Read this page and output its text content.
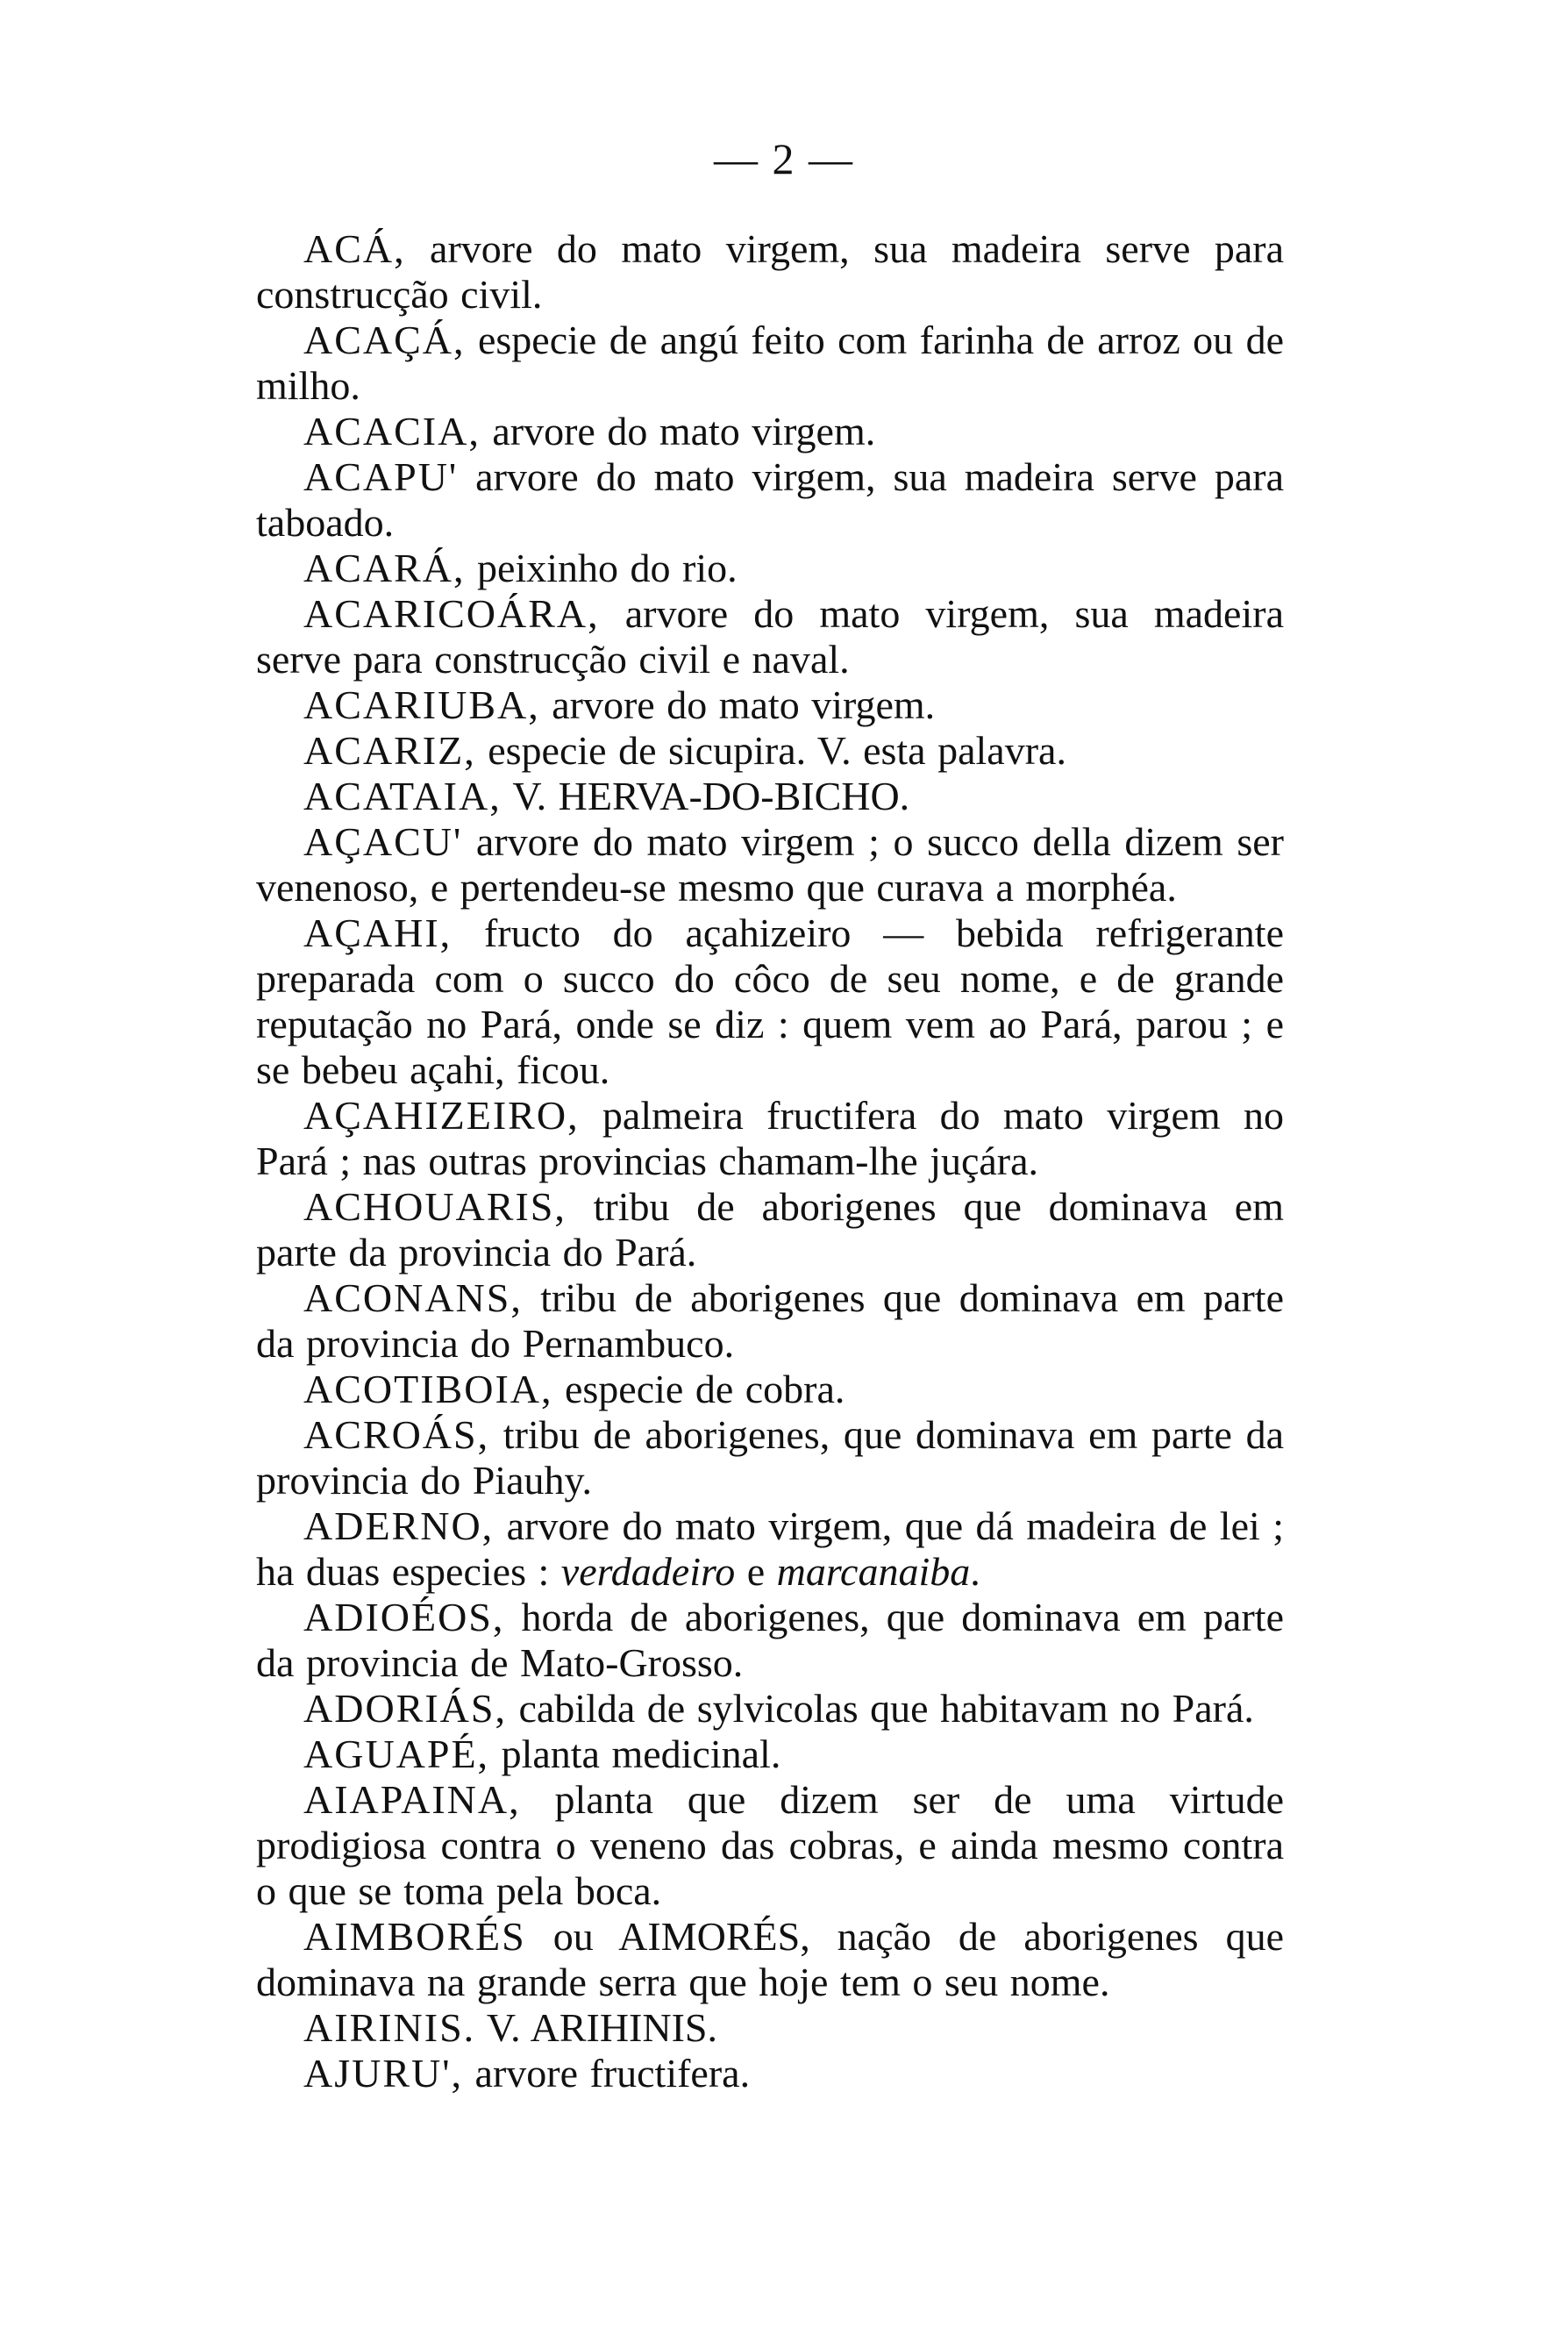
— 2 —

ACÁ, arvore do mato virgem, sua madeira serve para construcção civil.

ACAÇÁ, especie de angú feito com farinha de arroz ou de milho.

ACACIA, arvore do mato virgem.

ACAPU' arvore do mato virgem, sua madeira serve para taboado.

ACARÁ, peixinho do rio.

ACARICOÁRA, arvore do mato virgem, sua madeira serve para construcção civil e naval.

ACARIUBA, arvore do mato virgem.

ACARIZ, especie de sicupira. V. esta palavra.

ACATAIA, V. HERVA-DO-BICHO.

AÇACU' arvore do mato virgem ; o succo della dizem ser venenoso, e pertendeu-se mesmo que curava a morphéa.

AÇAHI, fructo do açahizeiro — bebida refrigerante preparada com o succo do côco de seu nome, e de grande reputação no Pará, onde se diz : quem vem ao Pará, parou ; e se bebeu açahi, ficou.

AÇAHIZEIRO, palmeira fructifera do mato virgem no Pará ; nas outras provincias chamam-lhe juçára.

ACHOUARIS, tribu de aborigenes que dominava em parte da provincia do Pará.

ACONANS, tribu de aborigenes que dominava em parte da provincia do Pernambuco.

ACOTIBOIA, especie de cobra.

ACROÁS, tribu de aborigenes, que dominava em parte da provincia do Piauhy.

ADERNO, arvore do mato virgem, que dá madeira de lei ; ha duas especies : verdadeiro e marcanaiba.

ADIOÉOS, horda de aborigenes, que dominava em parte da provincia de Mato-Grosso.

ADORIÁS, cabilda de sylvicolas que habitavam no Pará.

AGUAPÉ, planta medicinal.

AIAPAINA, planta que dizem ser de uma virtude prodigiosa contra o veneno das cobras, e ainda mesmo contra o que se toma pela boca.

AIMBORÉS ou AIMORÉS, nação de aborigenes que dominava na grande serra que hoje tem o seu nome.

AIRINIS. V. ARIHINIS.

AJURU', arvore fructifera.
